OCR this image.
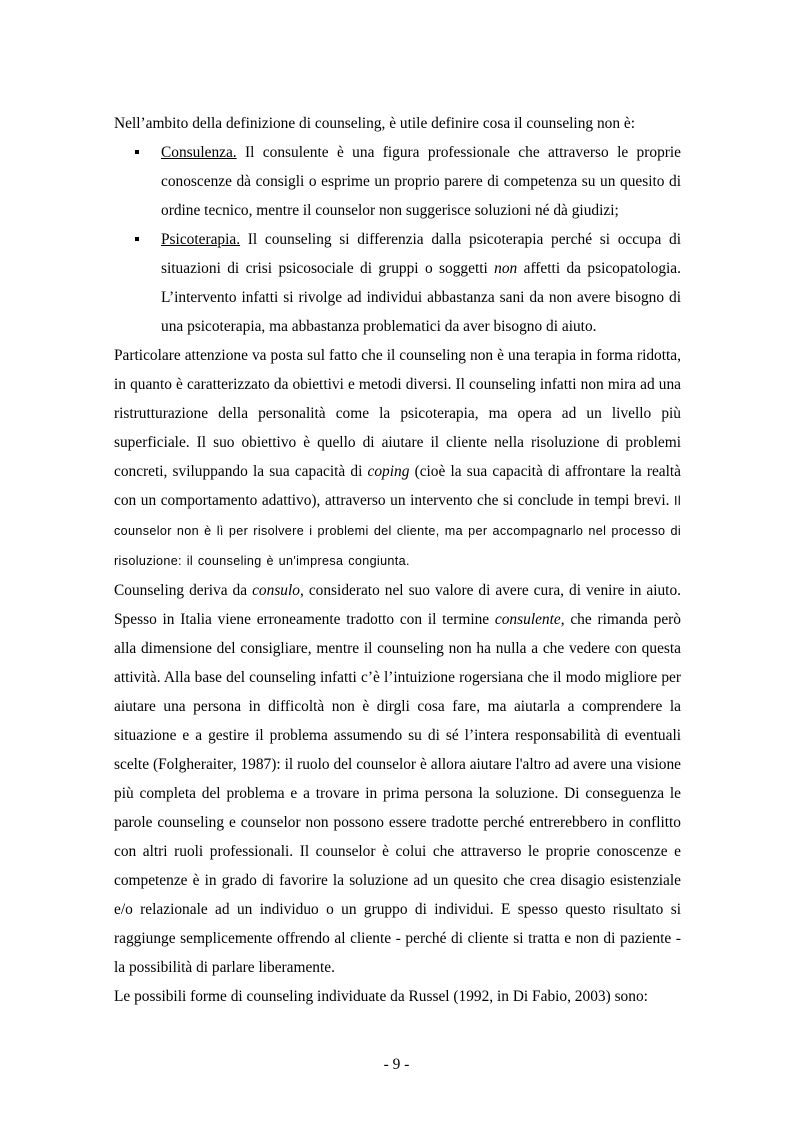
Nell’ambito della definizione di counseling, è utile definire cosa il counseling non è:

Consulenza. Il consulente è una figura professionale che attraverso le proprie conoscenze dà consigli o esprime un proprio parere di competenza su un quesito di ordine tecnico, mentre il counselor non suggerisce soluzioni né dà giudizi;
Psicoterapia. Il counseling si differenzia dalla psicoterapia perché si occupa di situazioni di crisi psicosociale di gruppi o soggetti non affetti da psicopatologia. L’intervento infatti si rivolge ad individui abbastanza sani da non avere bisogno di una psicoterapia, ma abbastanza problematici da aver bisogno di aiuto.

Particolare attenzione va posta sul fatto che il counseling non è una terapia in forma ridotta, in quanto è caratterizzato da obiettivi e metodi diversi. Il counseling infatti non mira ad una ristrutturazione della personalità come la psicoterapia, ma opera ad un livello più superficiale. Il suo obiettivo è quello di aiutare il cliente nella risoluzione di problemi concreti, sviluppando la sua capacità di coping (cioè la sua capacità di affrontare la realtà con un comportamento adattivo), attraverso un intervento che si conclude in tempi brevi. Il counselor non è lì per risolvere i problemi del cliente, ma per accompagnarlo nel processo di risoluzione: il counseling è un'impresa congiunta.

Counseling deriva da consulo, considerato nel suo valore di avere cura, di venire in aiuto. Spesso in Italia viene erroneamente tradotto con il termine consulente, che rimanda però alla dimensione del consigliare, mentre il counseling non ha nulla a che vedere con questa attività. Alla base del counseling infatti c’è l’intuizione rogersiana che il modo migliore per aiutare una persona in difficoltà non è dirgli cosa fare, ma aiutarla a comprendere la situazione e a gestire il problema assumendo su di sé l’intera responsabilità di eventuali scelte (Folgheraiter, 1987): il ruolo del counselor è allora aiutare l'altro ad avere una visione più completa del problema e a trovare in prima persona la soluzione. Di conseguenza le parole counseling e counselor non possono essere tradotte perché entrerebbero in conflitto con altri ruoli professionali. Il counselor è colui che attraverso le proprie conoscenze e competenze è in grado di favorire la soluzione ad un quesito che crea disagio esistenziale e/o relazionale ad un individuo o un gruppo di individui. E spesso questo risultato si raggiunge semplicemente offrendo al cliente - perché di cliente si tratta e non di paziente - la possibilità di parlare liberamente.

Le possibili forme di counseling individuate da Russel (1992, in Di Fabio, 2003) sono:

- 9 -
